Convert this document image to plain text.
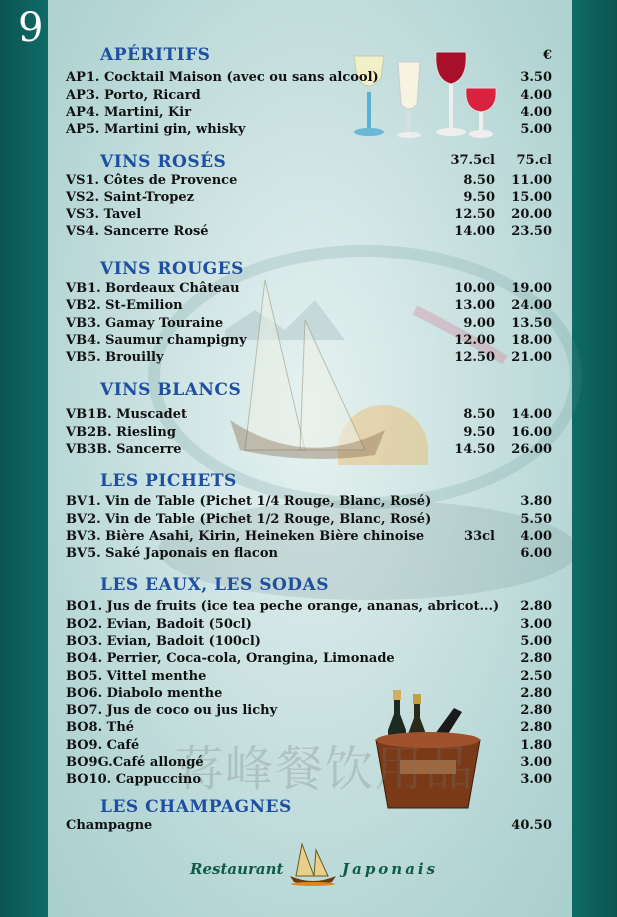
9
蒋峰餐饮用品
APÉRITIFS	€
AP1. Cocktail Maison (avec ou sans alcool)	3.50
AP3. Porto, Ricard	4.00
AP4. Martini, Kir	4.00
AP5. Martini gin, whisky	5.00
VINS ROSÉS	37.5cl	75.cl
VS1. Côtes de Provence	8.50 11.00
VS2. Saint-Tropez	9.50 15.00
VS3. Tavel	12.50 20.00
VS4. Sancerre Rosé	14.00 23.50
VINS ROUGES
VB1. Bordeaux Château	10.00 19.00
VB2. St-Emilion	13.00 24.00
VB3. Gamay Touraine	9.00 13.50
VB4. Saumur champigny	12.00 18.00
VB5. Brouilly	12.50 21.00
VINS BLANCS
VB1B. Muscadet	8.50 14.00
VB2B. Riesling	9.50 16.00
VB3B. Sancerre	14.50 26.00
LES PICHETS
BV1. Vin de Table (Pichet 1/4 Rouge, Blanc, Rosé)	3.80
BV2. Vin de Table (Pichet 1/2 Rouge, Blanc, Rosé)	5.50
BV3. Bière Asahi, Kirin, Heineken Bière chinoise	33cl 4.00
BV5. Saké Japonais en flacon	6.00
LES EAUX, LES SODAS
BO1. Jus de fruits (ice tea peche orange, ananas, abricot...) 2.80
BO2. Evian, Badoit (50cl)	3.00
BO3. Evian, Badoit (100cl)	5.00
BO4. Perrier, Coca-cola, Orangina, Limonade	2.80
BO5. Vittel menthe	2.50
BO6. Diabolo menthe	2.80
BO7. Jus de coco ou jus lichy	2.80
BO8. Thé	2.80
BO9. Café	1.80
BO9G.Café allongé	3.00
BO10. Cappuccino	3.00
LES CHAMPAGNES
Champagne	40.50
Restaurant	Japonais
